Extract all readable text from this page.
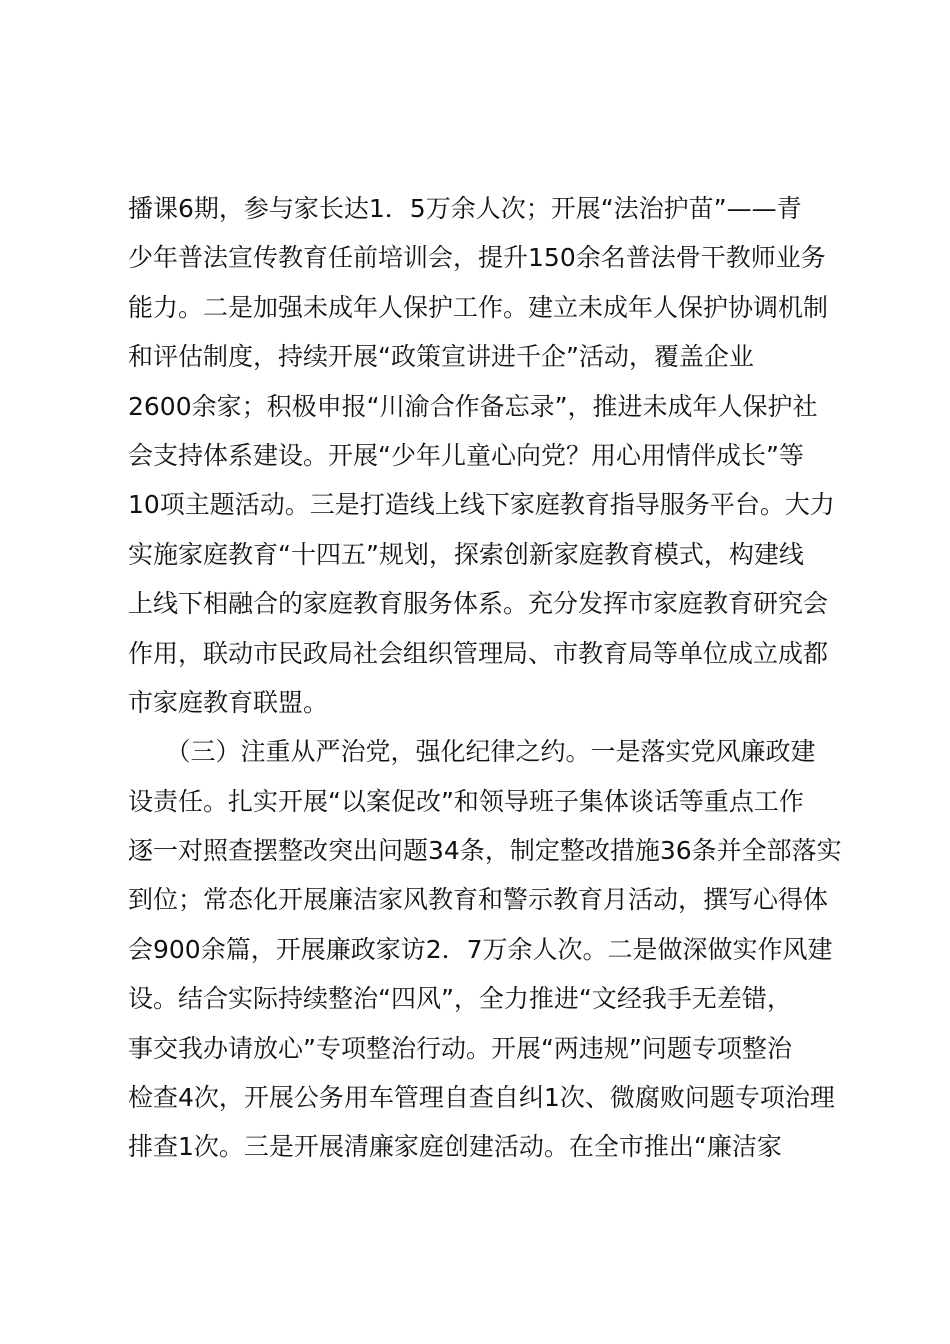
播课6期，参与家长达1．5万余人次；开展“法治护苗”——青
少年普法宣传教育任前培训会，提升150余名普法骨干教师业务
能力。二是加强未成年人保护工作。建立未成年人保护协调机制
和评估制度，持续开展“政策宣讲进千企”活动，覆盖企业
2600余家；积极申报“川渝合作备忘录”，推进未成年人保护社
会支持体系建设。开展“少年儿童心向党？用心用情伴成长”等
10项主题活动。三是打造线上线下家庭教育指导服务平台。大力
实施家庭教育“十四五”规划，探索创新家庭教育模式，构建线
上线下相融合的家庭教育服务体系。充分发挥市家庭教育研究会
作用，联动市民政局社会组织管理局、市教育局等单位成立成都
市家庭教育联盟。
　　（三）注重从严治党，强化纪律之约。一是落实党风廉政建
设责任。扎实开展“以案促改”和领导班子集体谈话等重点工作
逐一对照查摆整改突出问题34条，制定整改措施36条并全部落实
到位；常态化开展廉洁家风教育和警示教育月活动，撰写心得体
会900余篇，开展廉政家访2．7万余人次。二是做深做实作风建
设。结合实际持续整治“四风”，全力推进“文经我手无差错，
事交我办请放心”专项整治行动。开展“两违规”问题专项整治
检查4次，开展公务用车管理自查自纠1次、微腐败问题专项治理
排查1次。三是开展清廉家庭创建活动。在全市推出“廉洁家
